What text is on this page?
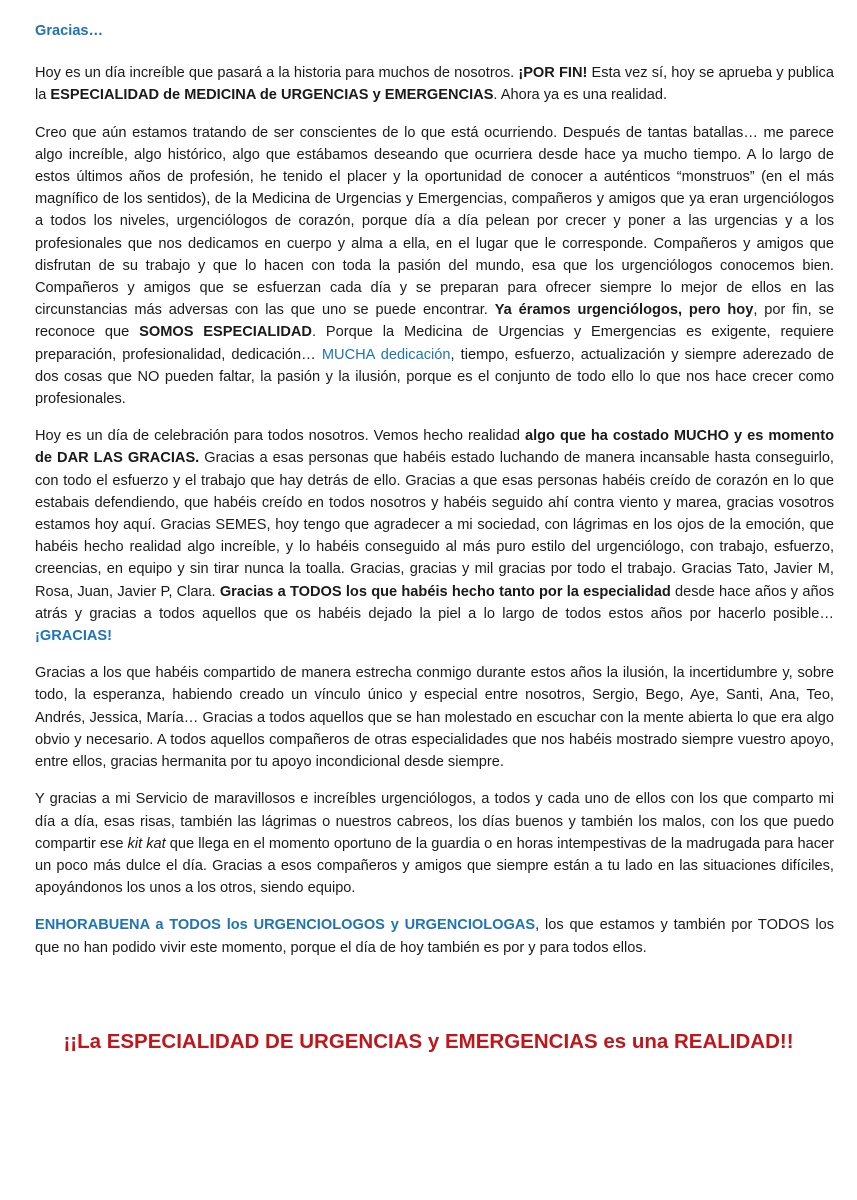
Gracias…

Hoy es un día increíble que pasará a la historia para muchos de nosotros. ¡POR FIN! Esta vez sí, hoy se aprueba y publica la ESPECIALIDAD de MEDICINA de URGENCIAS y EMERGENCIAS. Ahora ya es una realidad.

Creo que aún estamos tratando de ser conscientes de lo que está ocurriendo. Después de tantas batallas… me parece algo increíble, algo histórico, algo que estábamos deseando que ocurriera desde hace ya mucho tiempo. A lo largo de estos últimos años de profesión, he tenido el placer y la oportunidad de conocer a auténticos “monstruos” (en el más magnífico de los sentidos), de la Medicina de Urgencias y Emergencias, compañeros y amigos que ya eran urgenciólogos a todos los niveles, urgenciólogos de corazón, porque día a día pelean por crecer y poner a las urgencias y a los profesionales que nos dedicamos en cuerpo y alma a ella, en el lugar que le corresponde. Compañeros y amigos que disfrutan de su trabajo y que lo hacen con toda la pasión del mundo, esa que los urgenciólogos conocemos bien. Compañeros y amigos que se esfuerzan cada día y se preparan para ofrecer siempre lo mejor de ellos en las circunstancias más adversas con las que uno se puede encontrar. Ya éramos urgenciólogos, pero hoy, por fin, se reconoce que SOMOS ESPECIALIDAD. Porque la Medicina de Urgencias y Emergencias es exigente, requiere preparación, profesionalidad, dedicación… MUCHA dedicación, tiempo, esfuerzo, actualización y siempre aderezado de dos cosas que NO pueden faltar, la pasión y la ilusión, porque es el conjunto de todo ello lo que nos hace crecer como profesionales.

Hoy es un día de celebración para todos nosotros. Vemos hecho realidad algo que ha costado MUCHO y es momento de DAR LAS GRACIAS. Gracias a esas personas que habéis estado luchando de manera incansable hasta conseguirlo, con todo el esfuerzo y el trabajo que hay detrás de ello. Gracias a que esas personas habéis creído de corazón en lo que estabais defendiendo, que habéis creído en todos nosotros y habéis seguido ahí contra viento y marea, gracias vosotros estamos hoy aquí. Gracias SEMES, hoy tengo que agradecer a mi sociedad, con lágrimas en los ojos de la emoción, que habéis hecho realidad algo increíble, y lo habéis conseguido al más puro estilo del urgenciólogo, con trabajo, esfuerzo, creencias, en equipo y sin tirar nunca la toalla. Gracias, gracias y mil gracias por todo el trabajo. Gracias Tato, Javier M, Rosa, Juan, Javier P, Clara. Gracias a TODOS los que habéis hecho tanto por la especialidad desde hace años y años atrás y gracias a todos aquellos que os habéis dejado la piel a lo largo de todos estos años por hacerlo posible… ¡GRACIAS!

Gracias a los que habéis compartido de manera estrecha conmigo durante estos años la ilusión, la incertidumbre y, sobre todo, la esperanza, habiendo creado un vínculo único y especial entre nosotros, Sergio, Bego, Aye, Santi, Ana, Teo, Andrés, Jessica, María… Gracias a todos aquellos que se han molestado en escuchar con la mente abierta lo que era algo obvio y necesario. A todos aquellos compañeros de otras especialidades que nos habéis mostrado siempre vuestro apoyo, entre ellos, gracias hermanita por tu apoyo incondicional desde siempre.

Y gracias a mi Servicio de maravillosos e increíbles urgenciólogos, a todos y cada uno de ellos con los que comparto mi día a día, esas risas, también las lágrimas o nuestros cabreos, los días buenos y también los malos, con los que puedo compartir ese kit kat que llega en el momento oportuno de la guardia o en horas intempestivas de la madrugada para hacer un poco más dulce el día. Gracias a esos compañeros y amigos que siempre están a tu lado en las situaciones difíciles, apoyándonos los unos a los otros, siendo equipo.

ENHORABUENA a TODOS los URGENCIOLOGOS y URGENCIOLOGAS, los que estamos y también por TODOS los que no han podido vivir este momento, porque el día de hoy también es por y para todos ellos.

¡¡La ESPECIALIDAD DE URGENCIAS y EMERGENCIAS es una REALIDAD!!
